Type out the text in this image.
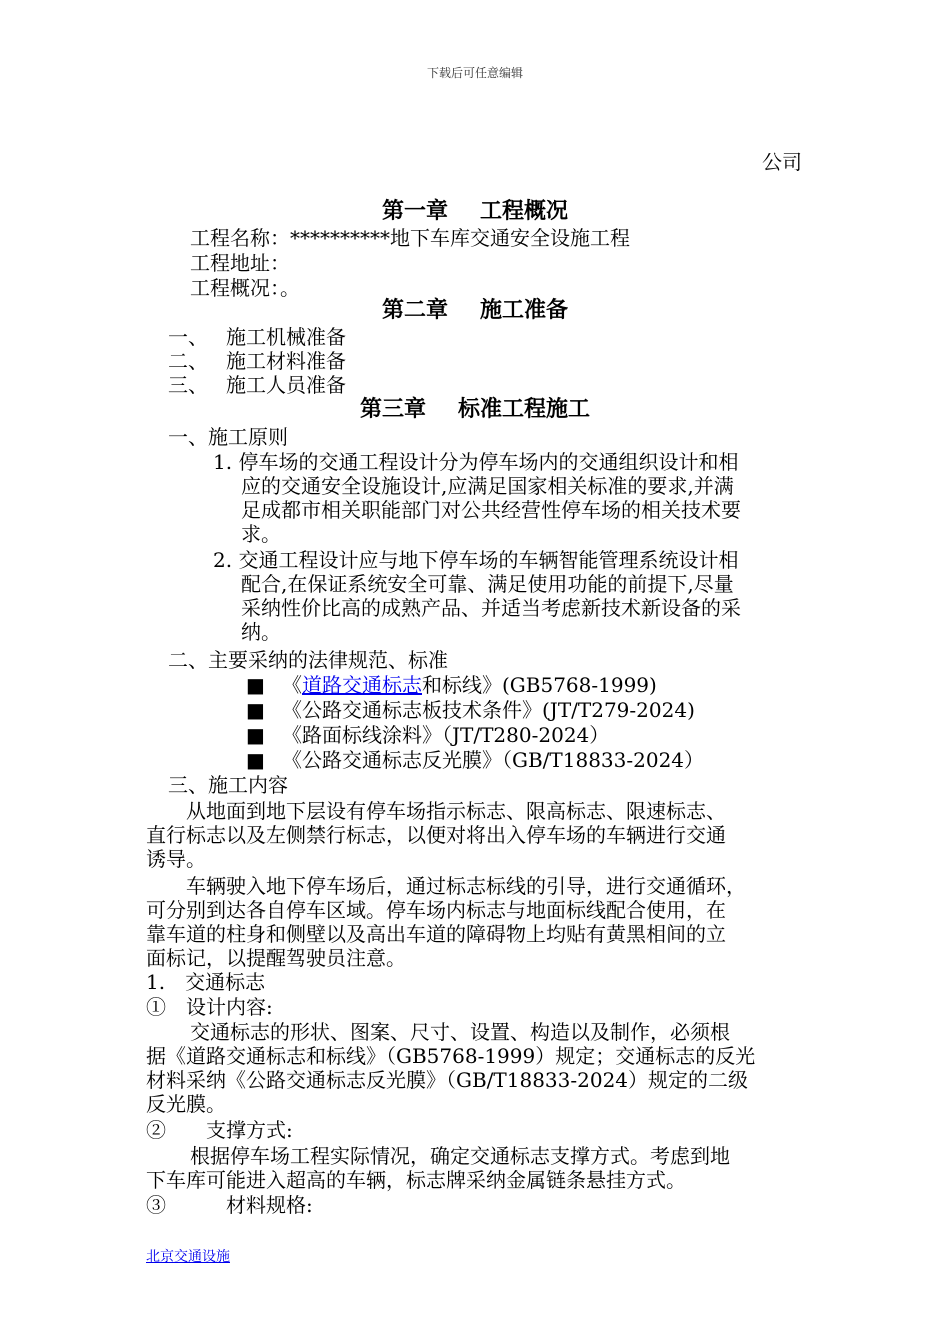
下载后可任意编辑
公司
第一章 工程概况
工程名称：**********地下车库交通安全设施工程
工程地址：
工程概况：。
第二章 施工准备
一、 施工机械准备
二、 施工材料准备
三、 施工人员准备
第三章 标准工程施工
一、施工原则
1. 停车场的交通工程设计分为停车场内的交通组织设计和相
应的交通安全设施设计,应满足国家相关标准的要求,并满
足成都市相关职能部门对公共经营性停车场的相关技术要
求。
2. 交通工程设计应与地下停车场的车辆智能管理系统设计相
配合,在保证系统安全可靠、满足使用功能的前提下,尽量
采纳性价比高的成熟产品、并适当考虑新技术新设备的采
纳。
二、主要采纳的法律规范、标准
■ 《道路交通标志和标线》(GB5768-1999)
■ 《公路交通标志板技术条件》(JT/T279-2024)
■ 《路面标线涂料》（JT/T280-2024）
■ 《公路交通标志反光膜》（GB/T18833-2024）
三、施工内容
从地面到地下层设有停车场指示标志、限高标志、限速标志、
直行标志以及左侧禁行标志，以便对将出入停车场的车辆进行交通
诱导。
车辆驶入地下停车场后，通过标志标线的引导，进行交通循环，
可分别到达各自停车区域。停车场内标志与地面标线配合使用，在
靠车道的柱身和侧壁以及高出车道的障碍物上均贴有黄黑相间的立
面标记，以提醒驾驶员注意。
1.　交通标志
①　设计内容:
交通标志的形状、图案、尺寸、设置、构造以及制作，必须根
据《道路交通标志和标线》（GB5768-1999）规定；交通标志的反光
材料采纳《公路交通标志反光膜》（GB/T18833-2024）规定的二级
反光膜。
②　　支撑方式:
根据停车场工程实际情况，确定交通标志支撑方式。考虑到地
下车库可能进入超高的车辆，标志牌采纳金属链条悬挂方式。
③　　　材料规格:
北京交通设施
